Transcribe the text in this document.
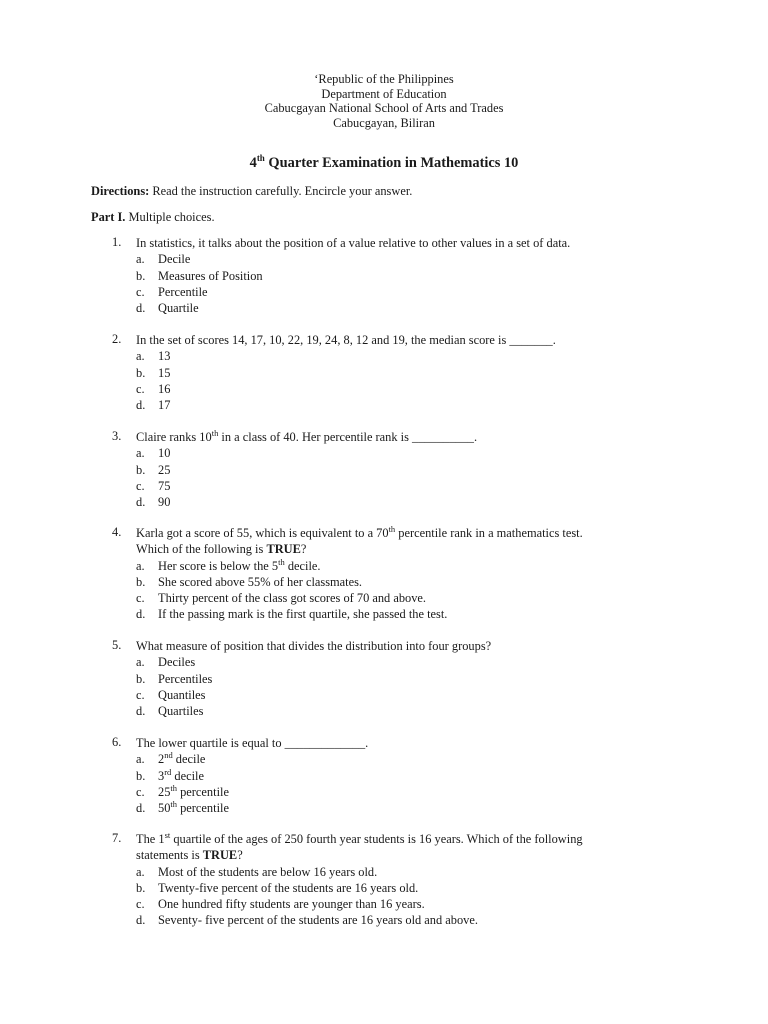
‘Republic of the Philippines
Department of Education
Cabucgayan National School of Arts and Trades
Cabucgayan, Biliran
4th Quarter Examination in Mathematics 10
Directions: Read the instruction carefully. Encircle your answer.
Part I. Multiple choices.
1. In statistics, it talks about the position of a value relative to other values in a set of data.
a. Decile
b. Measures of Position
c. Percentile
d. Quartile
2. In the set of scores 14, 17, 10, 22, 19, 24, 8, 12 and 19, the median score is _______.
a. 13
b. 15
c. 16
d. 17
3. Claire ranks 10th in a class of 40. Her percentile rank is __________.
a. 10
b. 25
c. 75
d. 90
4. Karla got a score of 55, which is equivalent to a 70th percentile rank in a mathematics test.
Which of the following is TRUE?
a. Her score is below the 5th decile.
b. She scored above 55% of her classmates.
c. Thirty percent of the class got scores of 70 and above.
d. If the passing mark is the first quartile, she passed the test.
5. What measure of position that divides the distribution into four groups?
a. Deciles
b. Percentiles
c. Quantiles
d. Quartiles
6. The lower quartile is equal to _____________.
a. 2nd decile
b. 3rd decile
c. 25th percentile
d. 50th percentile
7. The 1st quartile of the ages of 250 fourth year students is 16 years. Which of the following
statements is TRUE?
a. Most of the students are below 16 years old.
b. Twenty-five percent of the students are 16 years old.
c. One hundred fifty students are younger than 16 years.
d. Seventy- five percent of the students are 16 years old and above.
